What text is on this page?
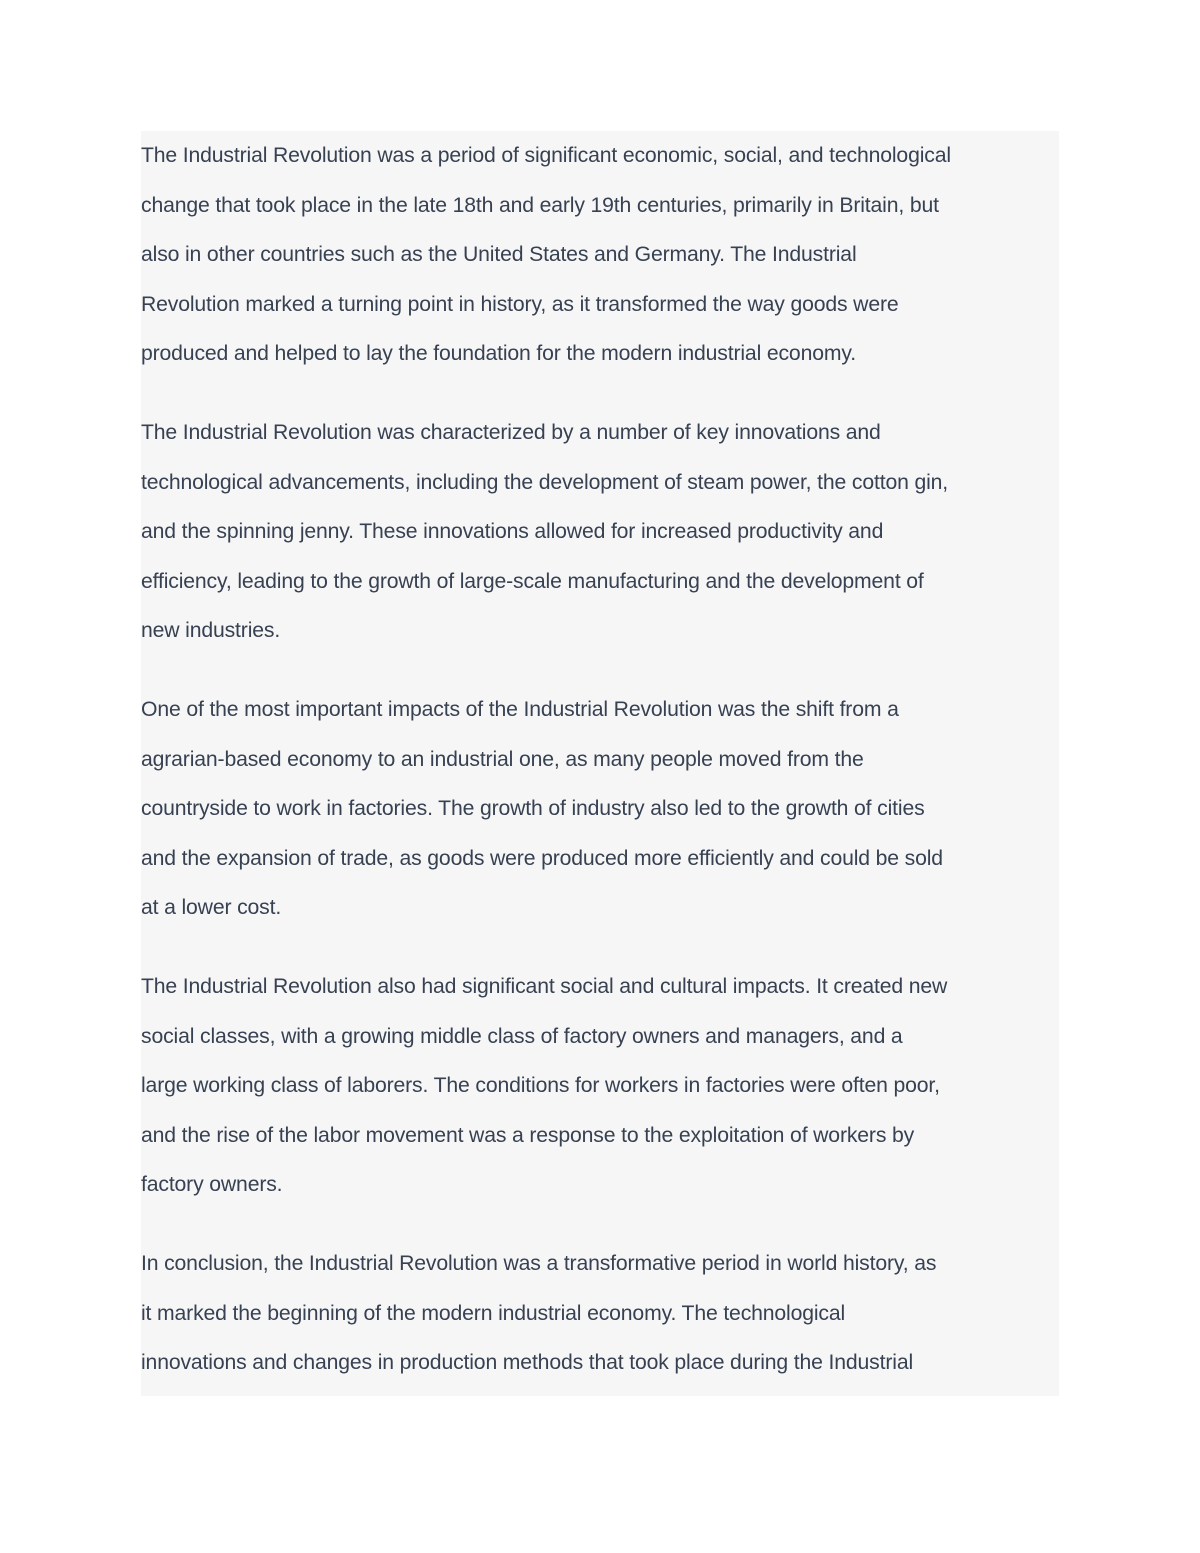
The Industrial Revolution was a period of significant economic, social, and technological
change that took place in the late 18th and early 19th centuries, primarily in Britain, but
also in other countries such as the United States and Germany. The Industrial
Revolution marked a turning point in history, as it transformed the way goods were
produced and helped to lay the foundation for the modern industrial economy.

The Industrial Revolution was characterized by a number of key innovations and
technological advancements, including the development of steam power, the cotton gin,
and the spinning jenny. These innovations allowed for increased productivity and
efficiency, leading to the growth of large-scale manufacturing and the development of
new industries.

One of the most important impacts of the Industrial Revolution was the shift from a
agrarian-based economy to an industrial one, as many people moved from the
countryside to work in factories. The growth of industry also led to the growth of cities
and the expansion of trade, as goods were produced more efficiently and could be sold
at a lower cost.

The Industrial Revolution also had significant social and cultural impacts. It created new
social classes, with a growing middle class of factory owners and managers, and a
large working class of laborers. The conditions for workers in factories were often poor,
and the rise of the labor movement was a response to the exploitation of workers by
factory owners.

In conclusion, the Industrial Revolution was a transformative period in world history, as
it marked the beginning of the modern industrial economy. The technological
innovations and changes in production methods that took place during the Industrial
